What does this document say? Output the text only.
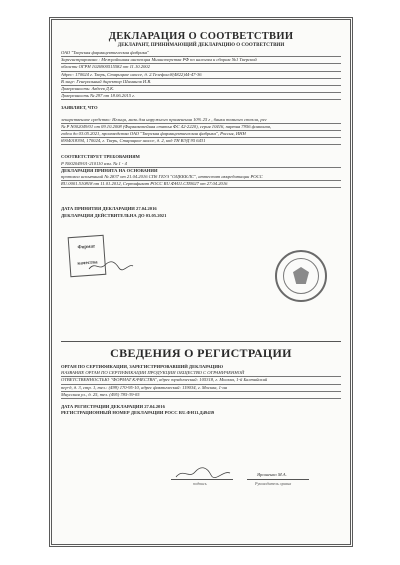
ДЕКЛАРАЦИЯ О СООТВЕТСТВИИ
ДЕКЛАРАНТ, ПРИНИМАЮЩИЙ ДЕКЛАРАЦИЮ О СООТВЕТСТВИИ
ОАО "Тверская фармацевтическая фабрика"
Зарегистрировано : Межрайонная инспекция Министерства РФ по налогам и сборам №1 Тверской
области ОГРН 1026900515582 от 11.10.2002
Адрес: 170024 г. Тверь, Старицкое шоссе, д. 2.Телефон:8(4822)44-47-36
В лице: Генеральный директор Шиманов И.В.
Доверенность: Авдеев Д.К.
Доверенность № 297 от 18.06.2015 г.
ЗАЯВЛЯЕТ, ЧТО
лекарственное средство: Иглица, мазь для наружного применения 10% 25 г , банки темного стекла, рег
№ Р N002049/01 от 09.10.2008 (Фармакопейная статья ФС 42-2220), серия 10416, партия 7956 флаконов,
годен до 03.05.2021, производства ОАО "Тверская фармацевтическая фабрика", Россия, ИНН
6904018394, 170024, г. Тверь, Старицкое шоссе, д. 2, код ТН ВЭД 95 6431
СООТВЕТСТВУЕТ ТРЕБОВАНИЯМ
Р N002049/01-210110 изм. № 1 - 4
ДЕКЛАРАЦИЯ ПРИНЯТА НА ОСНОВАНИИ
протокол испытаний № 2837 от 21.04.2016 СПб ГБУЗ "ОЦКККЛС", аттестат аккредитации РОСС
RU.0001.510818 от 11.01.2012, Сертификат РОСС RU.ФН11.СП0027 от 27.04.2016
ДАТА ПРИНЯТИЯ ДЕКЛАРАЦИИ 27.04.2016
ДЕКЛАРАЦИЯ ДЕЙСТВИТЕЛЬНА ДО 03.05.2021
СВЕДЕНИЯ О РЕГИСТРАЦИИ
ОРГАН ПО СЕРТИФИКАЦИИ, ЗАРЕГИСТРИРОВАВШИЙ ДЕКЛАРАЦИЮ
НАЗВАНИЕ ОРГАН ПО СЕРТИФИКАЦИИ ПРОДУКЦИИ ОБЩЕСТВО С ОГРАНИЧЕННОЙ
ОТВЕТСТВЕННОСТЬЮ "ФОРМАТ КАЧЕСТВА", адрес юридический: 105318, г. Москва, 1-й Балтийский
пер-д, д. 3, стр. 1, тел.: (499) 170-95-10, адрес фактический: 119034, г. Москва, 1-ая
Миусская ул., д. 25, тел. (495) 785-39-05
ДАТА РЕГИСТРАЦИИ ДЕКЛАРАЦИИ 27.04.2016
РЕГИСТРАЦИОННЫЙ НОМЕР ДЕКЛАРАЦИИ РОСС RU.ФН11.Д49439
Формат
качества
подпись
Ярошенко М.А.
Руководитель органа
